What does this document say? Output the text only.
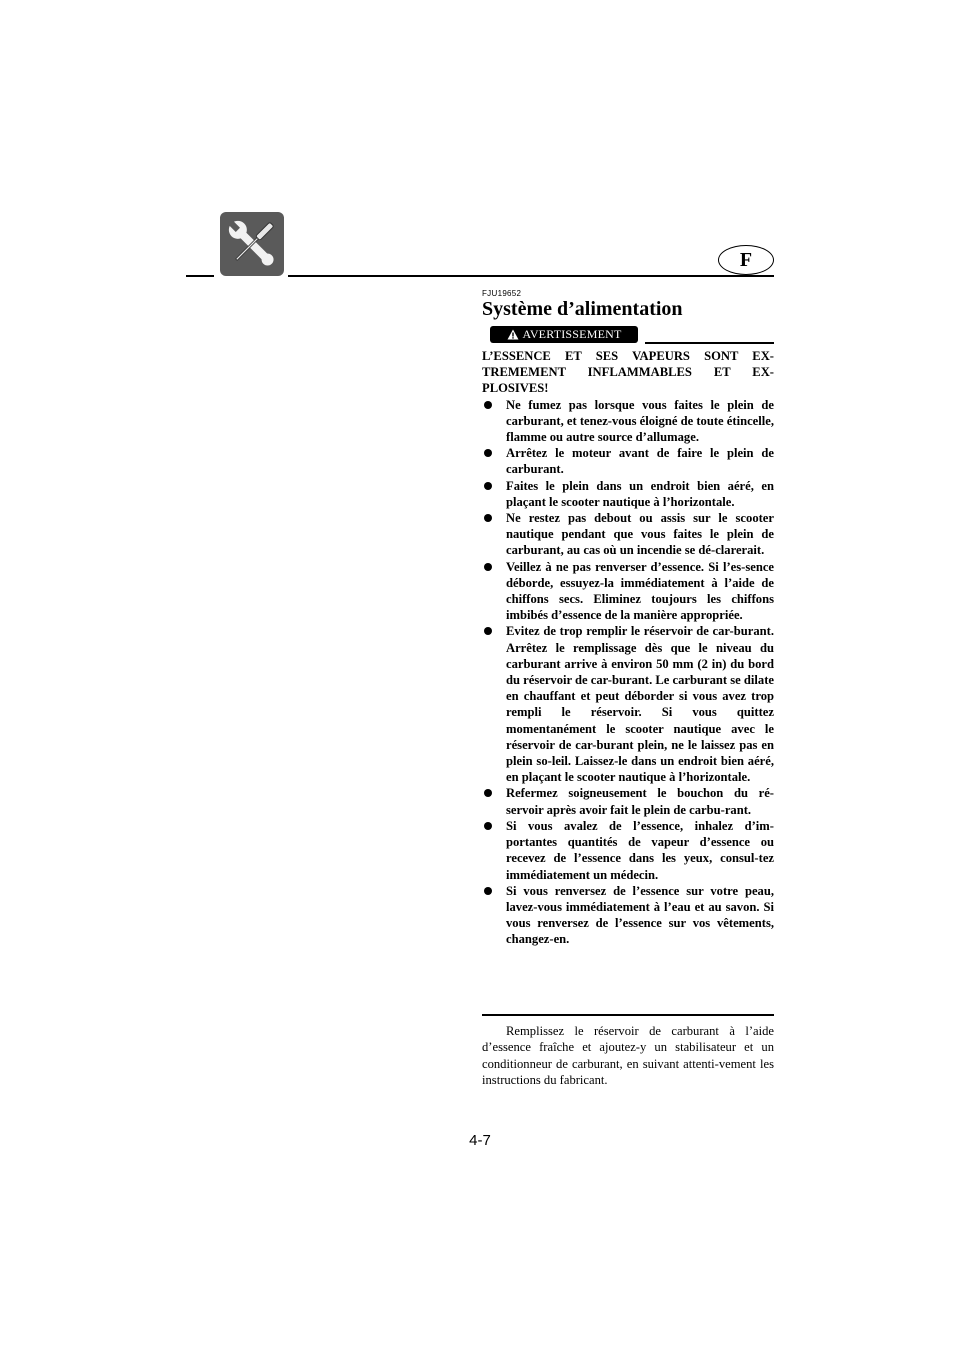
F
FJU19652
Système d’alimentation
AVERTISSEMENT
L’ESSENCE ET SES VAPEURS SONT EX-TREMEMENT INFLAMMABLES ET EX-PLOSIVES!
Ne fumez pas lorsque vous faites le plein de carburant, et tenez-vous éloigné de toute étincelle, flamme ou autre source d’allumage.
Arrêtez le moteur avant de faire le plein de carburant.
Faites le plein dans un endroit bien aéré, en plaçant le scooter nautique à l’horizontale.
Ne restez pas debout ou assis sur le scooter nautique pendant que vous faites le plein de carburant, au cas où un incendie se dé-clarerait.
Veillez à ne pas renverser d’essence. Si l’es-sence déborde, essuyez-la immédiatement à l’aide de chiffons secs. Eliminez toujours les chiffons imbibés d’essence de la manière appropriée.
Evitez de trop remplir le réservoir de car-burant. Arrêtez le remplissage dès que le niveau du carburant arrive à environ 50 mm (2 in) du bord du réservoir de car-burant. Le carburant se dilate en chauffant et peut déborder si vous avez trop rempli le réservoir. Si vous quittez momentanément le scooter nautique avec le réservoir de car-burant plein, ne le laissez pas en plein so-leil. Laissez-le dans un endroit bien aéré, en plaçant le scooter nautique à l’horizontale.
Refermez soigneusement le bouchon du ré-servoir après avoir fait le plein de carbu-rant.
Si vous avalez de l’essence, inhalez d’im-portantes quantités de vapeur d’essence ou recevez de l’essence dans les yeux, consul-tez immédiatement un médecin.
Si vous renversez de l’essence sur votre peau, lavez-vous immédiatement à l’eau et au savon. Si vous renversez de l’essence sur vos vêtements, changez-en.
Remplissez le réservoir de carburant à l’aide d’essence fraîche et ajoutez-y un stabilisateur et un conditionneur de carburant, en suivant attenti-vement les instructions du fabricant.
4-7
